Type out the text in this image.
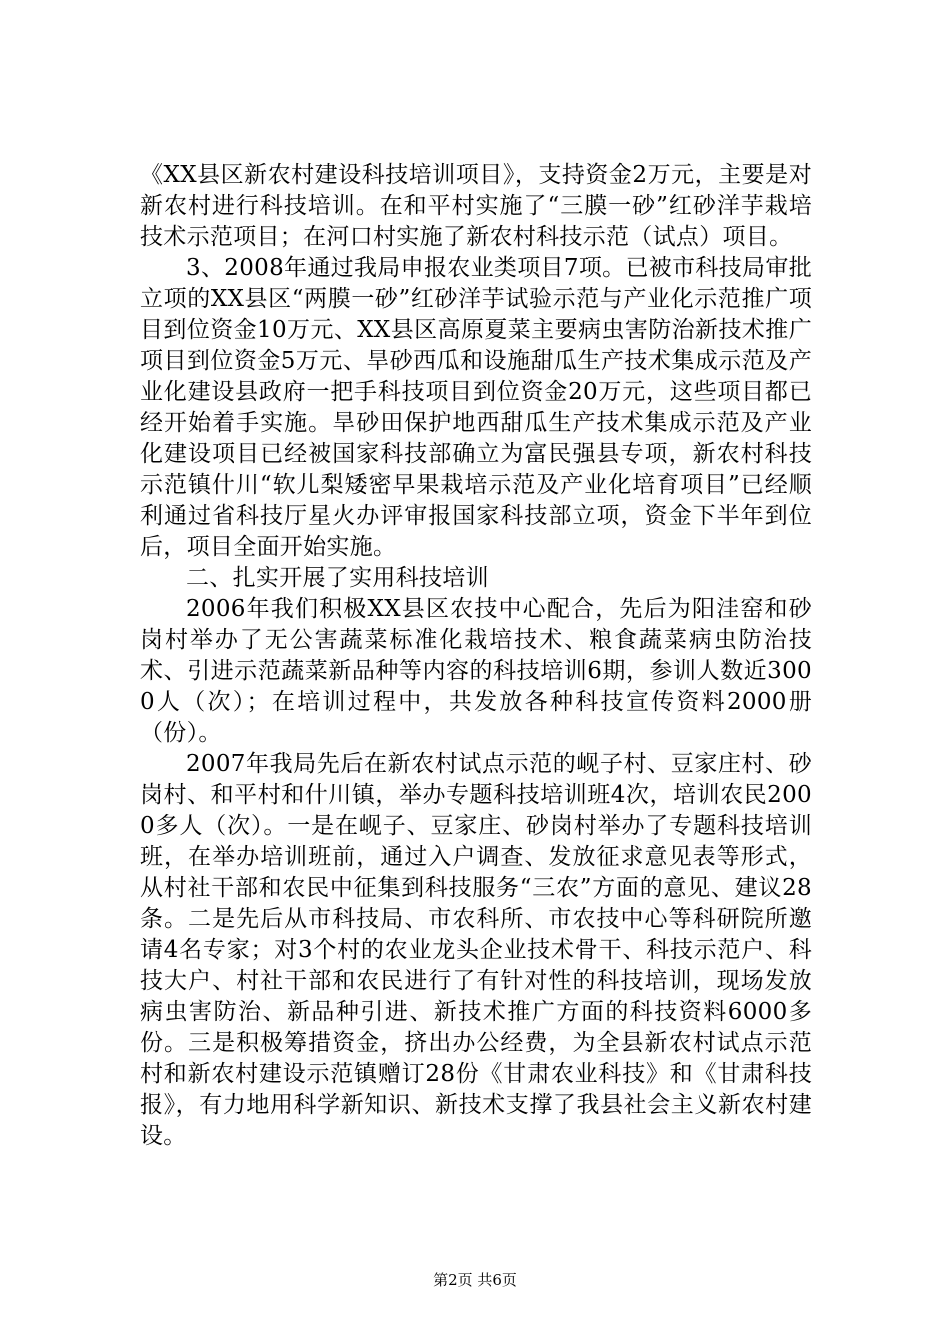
《XX县区新农村建设科技培训项目》，支持资金2万元，主要是对新农村进行科技培训。在和平村实施了“三膜一砂”红砂洋芋栽培技术示范项目；在河口村实施了新农村科技示范（试点）项目。

3、2008年通过我局申报农业类项目7项。已被市科技局审批立项的XX县区“两膜一砂”红砂洋芋试验示范与产业化示范推广项目到位资金10万元、XX县区高原夏菜主要病虫害防治新技术推广项目到位资金5万元、旱砂西瓜和设施甜瓜生产技术集成示范及产业化建设县政府一把手科技项目到位资金20万元，这些项目都已经开始着手实施。旱砂田保护地西甜瓜生产技术集成示范及产业化建设项目已经被国家科技部确立为富民强县专项，新农村科技示范镇什川“软儿梨矮密早果栽培示范及产业化培育项目”已经顺利通过省科技厅星火办评审报国家科技部立项，资金下半年到位后，项目全面开始实施。

二、扎实开展了实用科技培训

2006年我们积极XX县区农技中心配合，先后为阳洼窑和砂岗村举办了无公害蔬菜标准化栽培技术、粮食蔬菜病虫防治技术、引进示范蔬菜新品种等内容的科技培训6期，参训人数近3000人（次）；在培训过程中，共发放各种科技宣传资料2000册（份）。

2007年我局先后在新农村试点示范的岘子村、豆家庄村、砂岗村、和平村和什川镇，举办专题科技培训班4次，培训农民2000多人（次）。一是在岘子、豆家庄、砂岗村举办了专题科技培训班，在举办培训班前，通过入户调查、发放征求意见表等形式，从村社干部和农民中征集到科技服务“三农”方面的意见、建议28条。二是先后从市科技局、市农科所、市农技中心等科研院所邀请4名专家；对3个村的农业龙头企业技术骨干、科技示范户、科技大户、村社干部和农民进行了有针对性的科技培训，现场发放病虫害防治、新品种引进、新技术推广方面的科技资料6000多份。三是积极筹措资金，挤出办公经费，为全县新农村试点示范村和新农村建设示范镇赠订28份《甘肃农业科技》和《甘肃科技报》，有力地用科学新知识、新技术支撑了我县社会主义新农村建设。

第2页 共6页
